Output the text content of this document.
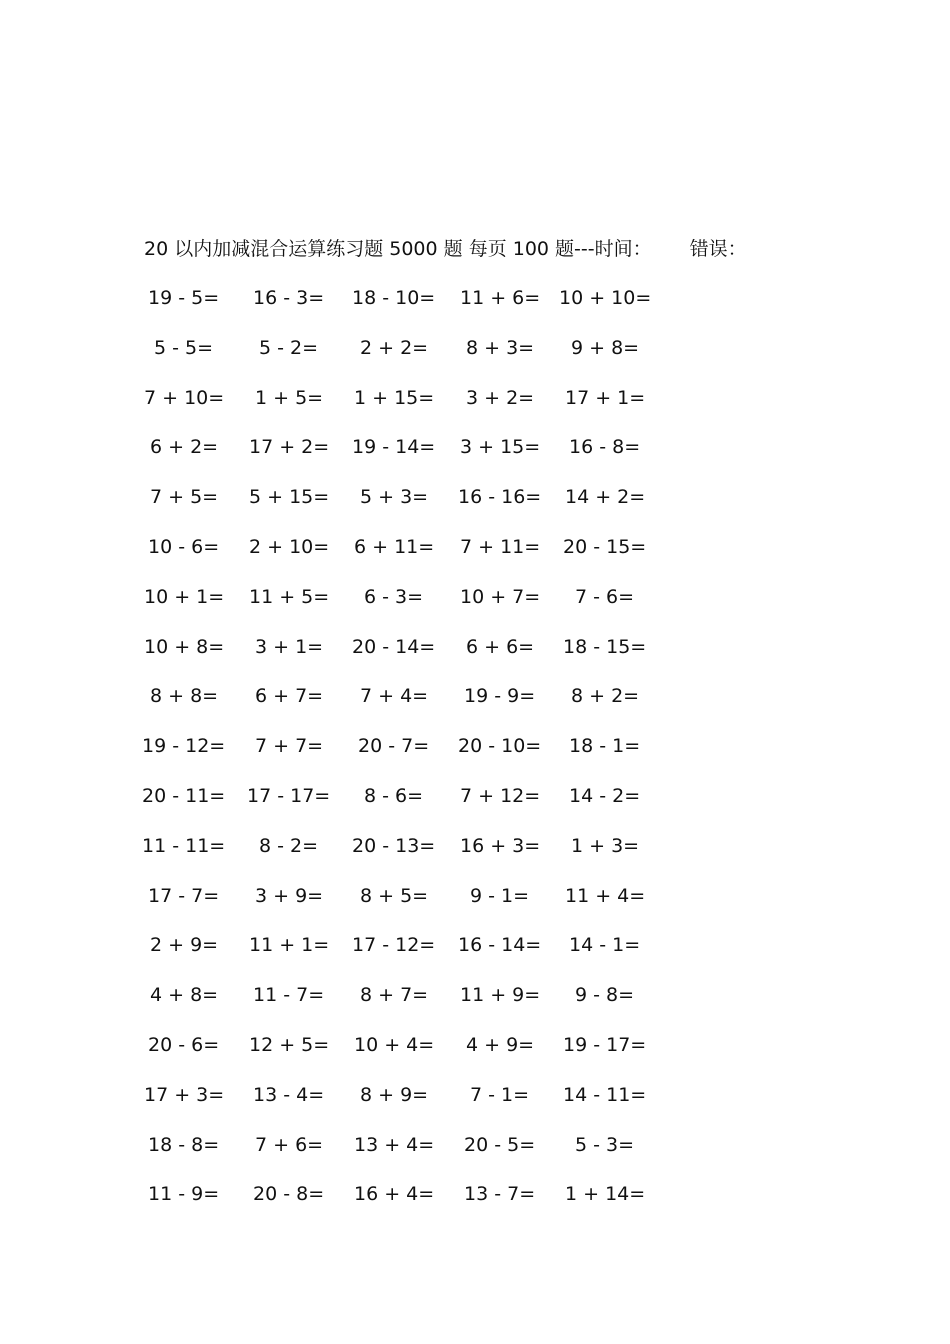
20 以内加减混合运算练习题 5000 题 每页 100 题---时间： 错误：
19 - 5= 16 - 3= 18 - 10= 11 + 6= 10 + 10=
5 - 5= 5 - 2= 2 + 2= 8 + 3= 9 + 8=
7 + 10= 1 + 5= 1 + 15= 3 + 2= 17 + 1=
6 + 2= 17 + 2= 19 - 14= 3 + 15= 16 - 8=
7 + 5= 5 + 15= 5 + 3= 16 - 16= 14 + 2=
10 - 6= 2 + 10= 6 + 11= 7 + 11= 20 - 15=
10 + 1= 11 + 5= 6 - 3= 10 + 7= 7 - 6=
10 + 8= 3 + 1= 20 - 14= 6 + 6= 18 - 15=
8 + 8= 6 + 7= 7 + 4= 19 - 9= 8 + 2=
19 - 12= 7 + 7= 20 - 7= 20 - 10= 18 - 1=
20 - 11= 17 - 17= 8 - 6= 7 + 12= 14 - 2=
11 - 11= 8 - 2= 20 - 13= 16 + 3= 1 + 3=
17 - 7= 3 + 9= 8 + 5= 9 - 1= 11 + 4=
2 + 9= 11 + 1= 17 - 12= 16 - 14= 14 - 1=
4 + 8= 11 - 7= 8 + 7= 11 + 9= 9 - 8=
20 - 6= 12 + 5= 10 + 4= 4 + 9= 19 - 17=
17 + 3= 13 - 4= 8 + 9= 7 - 1= 14 - 11=
18 - 8= 7 + 6= 13 + 4= 20 - 5= 5 - 3=
11 - 9= 20 - 8= 16 + 4= 13 - 7= 1 + 14=
